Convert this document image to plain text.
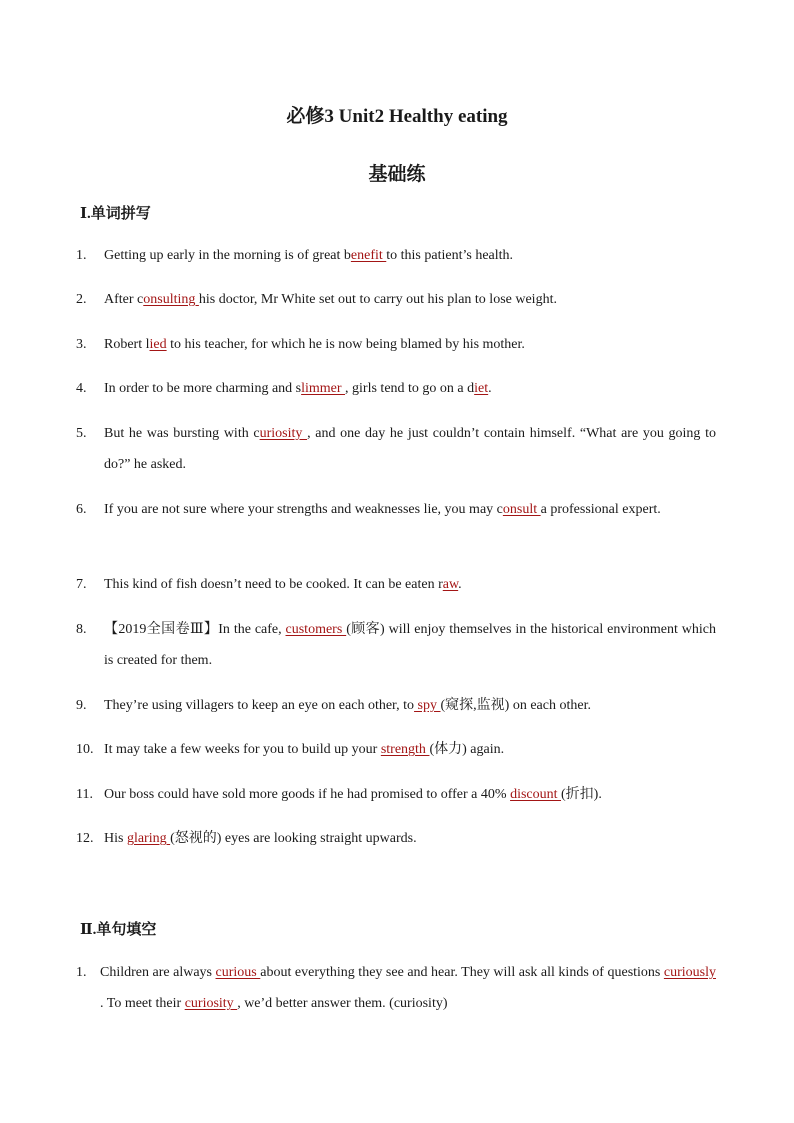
必修3 Unit2 Healthy eating
基础练
Ⅰ.单词拼写
1. Getting up early in the morning is of great benefit to this patient’s health.
2. After consulting his doctor, Mr White set out to carry out his plan to lose weight.
3. Robert lied to his teacher, for which he is now being blamed by his mother.
4. In order to be more charming and slimmer , girls tend to go on a diet.
5. But he was bursting with curiosity , and one day he just couldn’t contain himself. “What are you going to do?” he asked.
6. If you are not sure where your strengths and weaknesses lie, you may consult a professional expert.
7. This kind of fish doesn’t need to be cooked. It can be eaten raw.
8. 【2019全国卷Ⅲ】In the cafe, customers (顾客) will enjoy themselves in the historical environment which is created for them.
9. They’re using villagers to keep an eye on each other, to spy (窥探,监视) on each other.
10. It may take a few weeks for you to build up your strength (体力) again.
11. Our boss could have sold more goods if he had promised to offer a 40% discount (折扣).
12. His glaring (怒视的) eyes are looking straight upwards.
Ⅱ.单句填空
1. Children are always curious about everything they see and hear. They will ask all kinds of questions curiously . To meet their curiosity , we’d better answer them. (curiosity)
